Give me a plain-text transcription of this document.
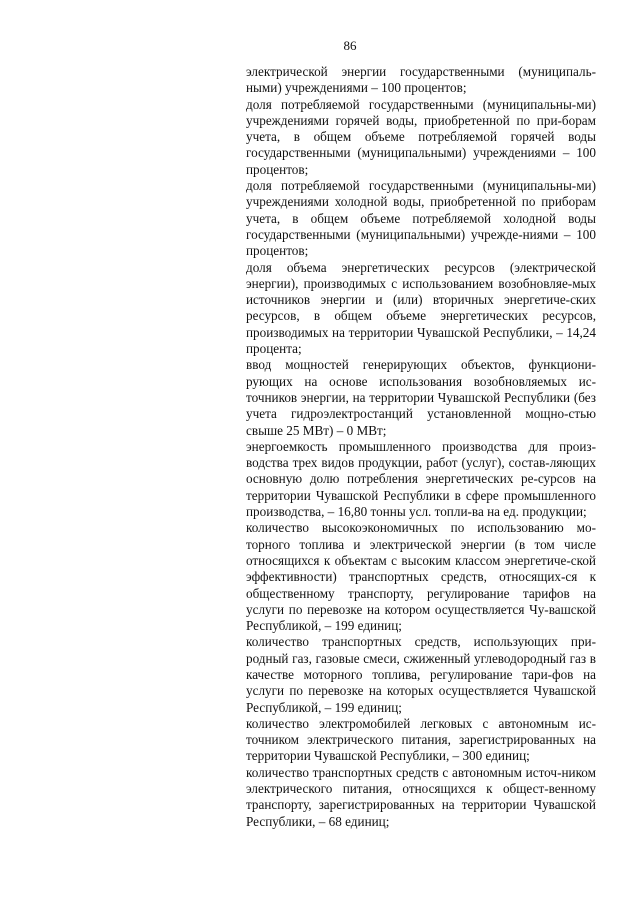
86

электрической энергии государственными (муниципаль-ными) учреждениями – 100 процентов;

доля потребляемой государственными (муниципальны-ми) учреждениями горячей воды, приобретенной по при-борам учета, в общем объеме потребляемой горячей воды государственными (муниципальными) учреждениями – 100 процентов;

доля потребляемой государственными (муниципальны-ми) учреждениями холодной воды, приобретенной по приборам учета, в общем объеме потребляемой холодной воды государственными (муниципальными) учрежде-ниями – 100 процентов;

доля объема энергетических ресурсов (электрической энергии), производимых с использованием возобновляе-мых источников энергии и (или) вторичных энергетиче-ских ресурсов, в общем объеме энергетических ресурсов, производимых на территории Чувашской Республики, – 14,24 процента;

ввод мощностей генерирующих объектов, функциони-рующих на основе использования возобновляемых ис-точников энергии, на территории Чувашской Республики (без учета гидроэлектростанций установленной мощно-стью свыше 25 МВт) – 0 МВт;

энергоемкость промышленного производства для произ-водства трех видов продукции, работ (услуг), состав-ляющих основную долю потребления энергетических ре-сурсов на территории Чувашской Республики в сфере промышленного производства, – 16,80 тонны усл. топли-ва на ед. продукции;

количество высокоэкономичных по использованию мо-торного топлива и электрической энергии (в том числе относящихся к объектам с высоким классом энергетиче-ской эффективности) транспортных средств, относящих-ся к общественному транспорту, регулирование тарифов на услуги по перевозке на котором осуществляется Чу-вашской Республикой, – 199 единиц;

количество транспортных средств, использующих при-родный газ, газовые смеси, сжиженный углеводородный газ в качестве моторного топлива, регулирование тари-фов на услуги по перевозке на которых осуществляется Чувашской Республикой, – 199 единиц;

количество электромобилей легковых с автономным ис-точником электрического питания, зарегистрированных на территории Чувашской Республики, – 300 единиц;

количество транспортных средств с автономным источ-ником электрического питания, относящихся к общест-венному транспорту, зарегистрированных на территории Чувашской Республики, – 68 единиц;
